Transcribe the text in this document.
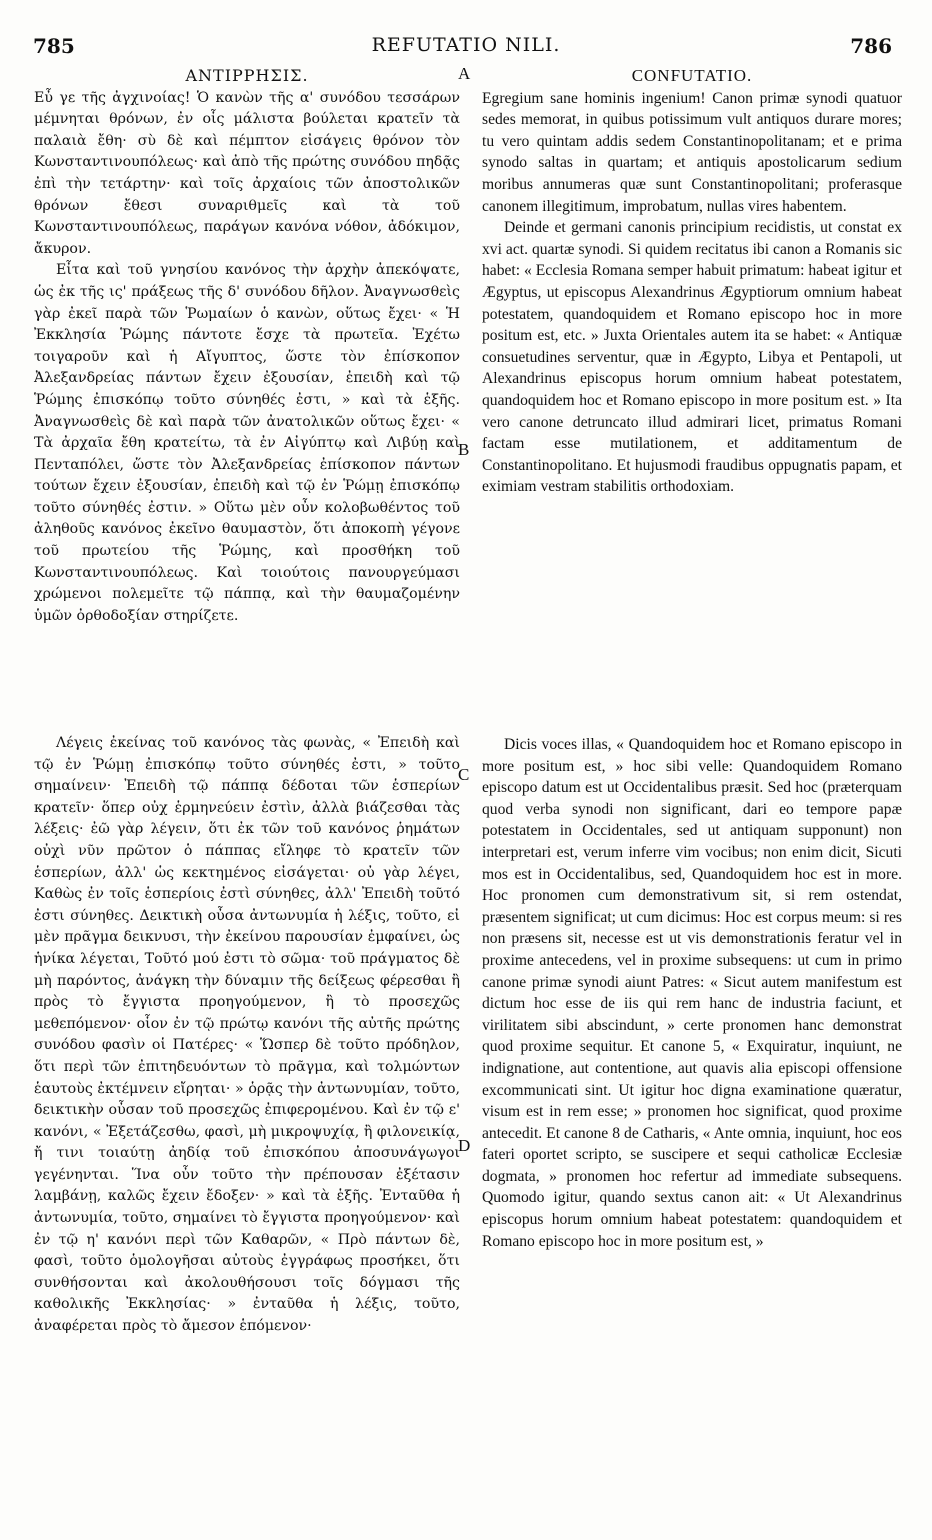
785	REFUTATIO NILI.	786
A
B
C
D
ΑΝΤΙΡΡΗΣΙΣ.

Εὖ γε τῆς ἀγχινοίας! Ὁ κανὼν τῆς α' συνόδου τεσσάρων μέμνηται θρόνων, ἐν οἷς μάλιστα βούλεται κρατεῖν τὰ παλαιὰ ἔθη· σὺ δὲ καὶ πέμπτον εἰσάγεις θρόνον τὸν Κωνσταντινουπόλεως· καὶ ἀπὸ τῆς πρώτης συνόδου πηδᾷς ἐπὶ τὴν τετάρτην· καὶ τοῖς ἀρχαίοις τῶν ἀποστολικῶν θρόνων ἔθεσι συναριθμεῖς καὶ τὰ τοῦ Κωνσταντινουπόλεως, παράγων κανόνα νόθον, ἀδόκιμον, ἄκυρον.

Εἶτα καὶ τοῦ γνησίου κανόνος τὴν ἀρχὴν ἀπεκόψατε, ὡς ἐκ τῆς ις' πράξεως τῆς δ' συνόδου δῆλον. Ἀναγνωσθεὶς γὰρ ἐκεῖ παρὰ τῶν Ῥωμαίων ὁ κανὼν, οὕτως ἔχει· « Ἡ Ἐκκλησία Ῥώμης πάντοτε ἔσχε τὰ πρωτεῖα. Ἐχέτω τοιγαροῦν καὶ ἡ Αἴγυπτος, ὥστε τὸν ἐπίσκοπον Ἀλεξανδρείας πάντων ἔχειν ἐξουσίαν, ἐπειδὴ καὶ τῷ Ῥώμης ἐπισκόπῳ τοῦτο σύνηθές ἐστι, » καὶ τὰ ἑξῆς. Ἀναγνωσθεὶς δὲ καὶ παρὰ τῶν ἀνατολικῶν οὕτως ἔχει· « Τὰ ἀρχαῖα ἔθη κρατείτω, τὰ ἐν Αἰγύπτῳ καὶ Λιβύῃ καὶ Πενταπόλει, ὥστε τὸν Ἀλεξανδρείας ἐπίσκοπον πάντων τούτων ἔχειν ἐξουσίαν, ἐπειδὴ καὶ τῷ ἐν Ῥώμῃ ἐπισκόπῳ τοῦτο σύνηθές ἐστιν. » Οὕτω μὲν οὖν κολοβωθέντος τοῦ ἀληθοῦς κανόνος ἐκεῖνο θαυμαστὸν, ὅτι ἀποκοπὴ γέγονε τοῦ πρωτείου τῆς Ῥώμης, καὶ προσθήκη τοῦ Κωνσταντινουπόλεως. Καὶ τοιούτοις πανουργεύμασι χρώμενοι πολεμεῖτε τῷ πάππᾳ, καὶ τὴν θαυμαζομένην ὑμῶν ὀρθοδοξίαν στηρίζετε.

CONFUTATIO.

Egregium sane hominis ingenium! Canon primæ synodi quatuor sedes memorat, in quibus potissimum vult antiquos durare mores; tu vero quintam addis sedem Constantinopolitanam; et e prima synodo saltas in quartam; et antiquis apostolicarum sedium moribus annumeras quæ sunt Constantinopolitani; proferasque canonem illegitimum, improbatum, nullas vires habentem.

Deinde et germani canonis principium recidistis, ut constat ex xvi act. quartæ synodi. Si quidem recitatus ibi canon a Romanis sic habet: « Ecclesia Romana semper habuit primatum: habeat igitur et Ægyptus, ut episcopus Alexandrinus Ægyptiorum omnium habeat potestatem, quandoquidem et Romano episcopo hoc in more positum est, etc. » Juxta Orientales autem ita se habet: « Antiquæ consuetudines serventur, quæ in Ægypto, Libya et Pentapoli, ut Alexandrinus episcopus horum omnium habeat potestatem, quandoquidem hoc et Romano episcopo in more positum est. » Ita vero canone detruncato illud admirari licet, primatus Romani factam esse mutilationem, et additamentum de Constantinopolitano. Et hujusmodi fraudibus oppugnatis papam, et eximiam vestram stabilitis orthodoxiam.

Λέγεις ἐκείνας τοῦ κανόνος τὰς φωνὰς, « Ἐπειδὴ καὶ τῷ ἐν Ῥώμῃ ἐπισκόπῳ τοῦτο σύνηθές ἐστι, » τοῦτο σημαίνειν· Ἐπειδὴ τῷ πάππᾳ δέδοται τῶν ἑσπερίων κρατεῖν· ὅπερ οὐχ ἑρμηνεύειν ἐστὶν, ἀλλὰ βιάζεσθαι τὰς λέξεις· ἐῶ γὰρ λέγειν, ὅτι ἐκ τῶν τοῦ κανόνος ῥημάτων οὐχὶ νῦν πρῶτον ὁ πάππας εἴληφε τὸ κρατεῖν τῶν ἑσπερίων, ἀλλ' ὡς κεκτημένος εἰσάγεται· οὐ γὰρ λέγει, Καθὼς ἐν τοῖς ἑσπερίοις ἐστὶ σύνηθες, ἀλλ' Ἐπειδὴ τοῦτό ἐστι σύνηθες. Δεικτικὴ οὖσα ἀντωνυμία ἡ λέξις, τοῦτο, εἰ μὲν πρᾶγμα δεικνυσι, τὴν ἐκείνου παρουσίαν ἐμφαίνει, ὡς ἡνίκα λέγεται, Τοῦτό μού ἐστι τὸ σῶμα· τοῦ πράγματος δὲ μὴ παρόντος, ἀνάγκη τὴν δύναμιν τῆς δείξεως φέρεσθαι ἢ πρὸς τὸ ἔγγιστα προηγούμενον, ἢ τὸ προσεχῶς μεθεπόμενον· οἷον ἐν τῷ πρώτῳ κανόνι τῆς αὐτῆς πρώτης συνόδου φασὶν οἱ Πατέρες· « Ὥσπερ δὲ τοῦτο πρόδηλον, ὅτι περὶ τῶν ἐπιτηδευόντων τὸ πρᾶγμα, καὶ τολμώντων ἑαυτοὺς ἐκτέμνειν εἴρηται· » ὁρᾷς τὴν ἀντωνυμίαν, τοῦτο, δεικτικὴν οὖσαν τοῦ προσεχῶς ἐπιφερομένου. Καὶ ἐν τῷ ε' κανόνι, « Ἐξετάζεσθω, φασὶ, μὴ μικροψυχίᾳ, ἢ φιλονεικίᾳ, ἤ τινι τοιαύτῃ ἀηδίᾳ τοῦ ἐπισκόπου ἀποσυνάγωγοι γεγένηνται. Ἵνα οὖν τοῦτο τὴν πρέπουσαν ἐξέτασιν λαμβάνῃ, καλῶς ἔχειν ἔδοξεν· » καὶ τὰ ἑξῆς. Ἐνταῦθα ἡ ἀντωνυμία, τοῦτο, σημαίνει τὸ ἔγγιστα προηγούμενον· καὶ ἐν τῷ η' κανόνι περὶ τῶν Καθαρῶν, « Πρὸ πάντων δὲ, φασὶ, τοῦτο ὁμολογῆσαι αὐτοὺς ἐγγράφως προσήκει, ὅτι συνθήσονται καὶ ἀκολουθήσουσι τοῖς δόγμασι τῆς καθολικῆς Ἐκκλησίας· » ἐνταῦθα ἡ λέξις, τοῦτο, ἀναφέρεται πρὸς τὸ ἄμεσον ἑπόμενον·

Dicis voces illas, « Quandoquidem hoc et Romano episcopo in more positum est, » hoc sibi velle: Quandoquidem Romano episcopo datum est ut Occidentalibus præsit. Sed hoc (præterquam quod verba synodi non significant, dari eo tempore papæ potestatem in Occidentales, sed ut antiquam supponunt) non interpretari est, verum inferre vim vocibus; non enim dicit, Sicuti mos est in Occidentalibus, sed, Quandoquidem hoc est in more. Hoc pronomen cum demonstrativum sit, si rem ostendat, præsentem significat; ut cum dicimus: Hoc est corpus meum: si res non præsens sit, necesse est ut vis demonstrationis feratur vel in proxime antecedens, vel in proxime subsequens: ut cum in primo canone primæ synodi aiunt Patres: « Sicut autem manifestum est dictum hoc esse de iis qui rem hanc de industria faciunt, et virilitatem sibi abscindunt, » certe pronomen hanc demonstrat quod proxime sequitur. Et canone 5, « Exquiratur, inquiunt, ne indignatione, aut contentione, aut quavis alia episcopi offensione excommunicati sint. Ut igitur hoc digna examinatione quæratur, visum est in rem esse; » pronomen hoc significat, quod proxime antecedit. Et canone 8 de Catharis, « Ante omnia, inquiunt, hoc eos fateri oportet scripto, se suscipere et sequi catholicæ Ecclesiæ dogmata, » pronomen hoc refertur ad immediate subsequens. Quomodo igitur, quando sextus canon ait: « Ut Alexandrinus episcopus horum omnium habeat potestatem: quandoquidem et Romano episcopo hoc in more positum est, »
